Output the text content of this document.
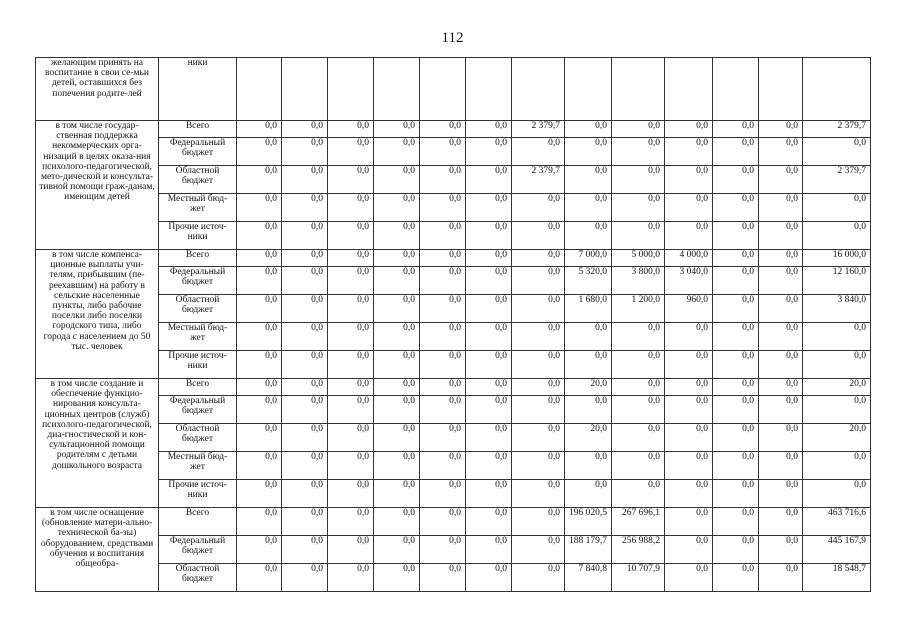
112
желающим принять на воспитание в свои се-мьи детей, оставшихся без попечения родите-лей	ники													
в том числе государ-ственная поддержка некоммерческих орга-низаций в целях оказа-ния психолого-педагогической, мето-дической и консульта-тивной помощи граж-данам, имеющим детей	Всего	0,0	0,0	0,0	0,0	0,0	0,0	2 379,7	0,0	0,0	0,0	0,0	0,0	2 379,7
	Федеральный бюджет	0,0	0,0	0,0	0,0	0,0	0,0	0,0	0,0	0,0	0,0	0,0	0,0	0,0
	Областной бюджет	0,0	0,0	0,0	0,0	0,0	0,0	2 379,7	0,0	0,0	0,0	0,0	0,0	2 379,7
	Местный бюд-жет	0,0	0,0	0,0	0,0	0,0	0,0	0,0	0,0	0,0	0,0	0,0	0,0	0,0
	Прочие источ-ники	0,0	0,0	0,0	0,0	0,0	0,0	0,0	0,0	0,0	0,0	0,0	0,0	0,0
в том числе компенса-ционные выплаты учи-телям, прибывшим (пе-реехавшим) на работу в сельские населенные пункты, либо рабочие поселки либо поселки городского типа, либо города с населением до 50 тыс. человек	Всего	0,0	0,0	0,0	0,0	0,0	0,0	0,0	7 000,0	5 000,0	4 000,0	0,0	0,0	16 000,0
	Федеральный бюджет	0,0	0,0	0,0	0,0	0,0	0,0	0,0	5 320,0	3 800,0	3 040,0	0,0	0,0	12 160,0
	Областной бюджет	0,0	0,0	0,0	0,0	0,0	0,0	0,0	1 680,0	1 200,0	960,0	0,0	0,0	3 840,0
	Местный бюд-жет	0,0	0,0	0,0	0,0	0,0	0,0	0,0	0,0	0,0	0,0	0,0	0,0	0,0
	Прочие источ-ники	0,0	0,0	0,0	0,0	0,0	0,0	0,0	0,0	0,0	0,0	0,0	0,0	0,0
в том числе создание и обеспечение функцио-нирования консульта-ционных центров (служб) психолого-педагогической, диа-гностической и кон-сультационной помощи родителям с детьми дошкольного возраста	Всего	0,0	0,0	0,0	0,0	0,0	0,0	0,0	20,0	0,0	0,0	0,0	0,0	20,0
	Федеральный бюджет	0,0	0,0	0,0	0,0	0,0	0,0	0,0	0,0	0,0	0,0	0,0	0,0	0,0
	Областной бюджет	0,0	0,0	0,0	0,0	0,0	0,0	0,0	20,0	0,0	0,0	0,0	0,0	20,0
	Местный бюд-жет	0,0	0,0	0,0	0,0	0,0	0,0	0,0	0,0	0,0	0,0	0,0	0,0	0,0
	Прочие источ-ники	0,0	0,0	0,0	0,0	0,0	0,0	0,0	0,0	0,0	0,0	0,0	0,0	0,0
в том числе оснащение (обновление матери-ально-технической ба-зы) оборудованием, средствами обучения и воспитания общеобра-	Всего	0,0	0,0	0,0	0,0	0,0	0,0	0,0	196 020,5	267 696,1	0,0	0,0	0,0	463 716,6
	Федеральный бюджет	0,0	0,0	0,0	0,0	0,0	0,0	0,0	188 179,7	256 988,2	0,0	0,0	0,0	445 167,9
	Областной бюджет	0,0	0,0	0,0	0,0	0,0	0,0	0,0	7 840,8	10 707,9	0,0	0,0	0,0	18 548,7
